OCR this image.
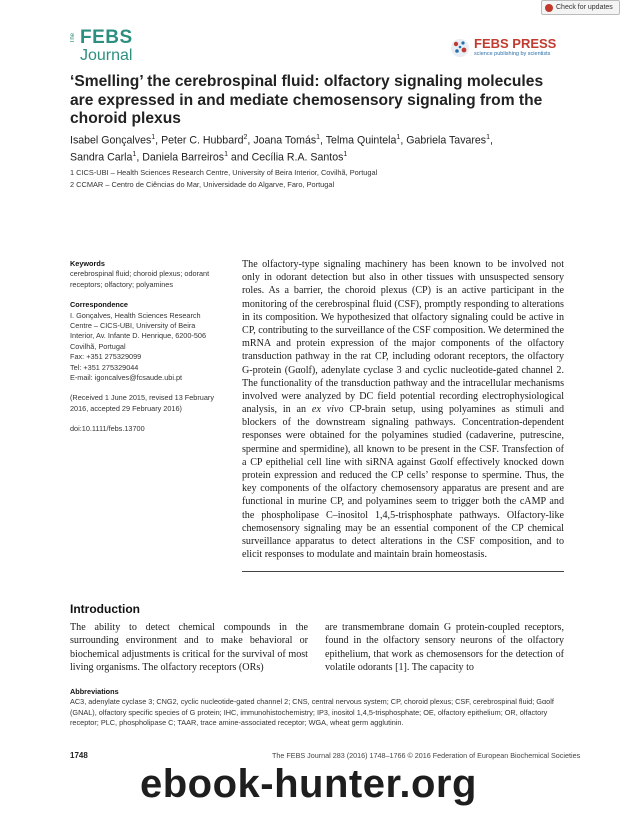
Check for updates
The FEBS
Journal
FEBS PRESS
science publishing by scientists
‘Smelling’ the cerebrospinal fluid: olfactory signaling molecules are expressed in and mediate chemosensory signaling from the choroid plexus

Isabel Gonçalves$^1$, Peter C. Hubbard$^2$, Joana Tomás$^1$, Telma Quintela$^1$, Gabriela Tavares$^1$,
Sandra Carla$^1$, Daniela Barreiros$^1$ and Cecília R.A. Santos$^1$

1 CICS-UBI – Health Sciences Research Centre, University of Beira Interior, Covilhã, Portugal
2 CCMAR – Centro de Ciências do Mar, Universidade do Algarve, Faro, Portugal

Keywords

cerebrospinal fluid; choroid plexus; odorant receptors; olfactory; polyamines

Correspondence

I. Gonçalves, Health Sciences Research

Centre – CICS-UBI, University of Beira

Interior, Av. Infante D. Henrique, 6200-506

Covilhã, Portugal

Fax: +351 275329099

Tel: +351 275329044

E-mail: igoncalves@fcsaude.ubi.pt

(Received 1 June 2015, revised 13 February 2016, accepted 29 February 2016)

doi:10.1111/febs.13700

The olfactory-type signaling machinery has been known to be involved not only in odorant detection but also in other tissues with unsuspected sensory roles. As a barrier, the choroid plexus (CP) is an active participant in the monitoring of the cerebrospinal fluid (CSF), promptly responding to alterations in its composition. We hypothesized that olfactory signaling could be active in CP, contributing to the surveillance of the CSF composition. We determined the mRNA and protein expression of the major components of the olfactory transduction pathway in the rat CP, including odorant receptors, the olfactory G-protein (Gαolf), adenylate cyclase 3 and cyclic nucleotide-gated channel 2. The functionality of the transduction pathway and the intracellular mechanisms involved were analyzed by DC field potential recording electrophysiological analysis, in an ex vivo CP-brain setup, using polyamines as stimuli and blockers of the downstream signaling pathways. Concentration-dependent responses were obtained for the polyamines studied (cadaverine, putrescine, spermine and spermidine), all known to be present in the CSF. Transfection of a CP epithelial cell line with siRNA against Gαolf effectively knocked down protein expression and reduced the CP cells’ response to spermine. Thus, the key components of the olfactory chemosensory apparatus are present and are functional in murine CP, and polyamines seem to trigger both the cAMP and the phospholipase C–inositol 1,4,5-trisphosphate pathways. Olfactory-like chemosensory signaling may be an essential component of the CP chemical surveillance apparatus to detect alterations in the CSF composition, and to elicit responses to modulate and maintain brain homeostasis.

Introduction

The ability to detect chemical compounds in the surrounding environment and to make behavioral or biochemical adjustments is critical for the survival of most living organisms. The olfactory receptors (ORs)

are transmembrane domain G protein-coupled receptors, found in the olfactory sensory neurons of the olfactory epithelium, that work as chemosensors for the detection of volatile odorants [1]. The capacity to

Abbreviations
AC3, adenylate cyclase 3; CNG2, cyclic nucleotide-gated channel 2; CNS, central nervous system; CP, choroid plexus; CSF, cerebrospinal fluid; Gαolf (GNAL), olfactory specific species of G protein; IHC, immunohistochemistry; IP3, inositol 1,4,5-trisphosphate; OE, olfactory epithelium; OR, olfactory receptor; PLC, phospholipase C; TAAR, trace amine-associated receptor; WGA, wheat germ agglutinin.

1748	The FEBS Journal 283 (2016) 1748–1766 © 2016 Federation of European Biochemical Societies
ebook-hunter.org
